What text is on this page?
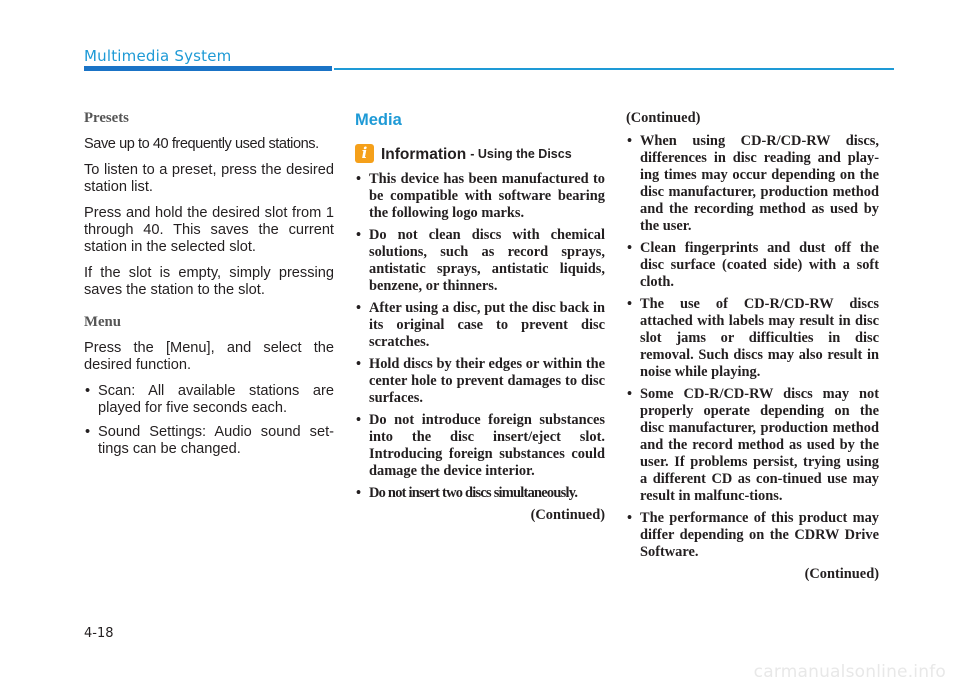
Multimedia System
Presets
Save up to 40 frequently used stations.
To listen to a preset, press the desired station list.
Press and hold the desired slot from 1 through 40. This saves the current station in the selected slot.
If the slot is empty, simply pressing saves the station to the slot.
Menu
Press the [Menu], and select the desired function.
• Scan: All available stations are played for five seconds each.
• Sound Settings: Audio sound set-tings can be changed.
Media
i Information - Using the Discs
• This device has been manufactured to be compatible with software bearing the following logo marks.
• Do not clean discs with chemical solutions, such as record sprays, antistatic sprays, antistatic liquids, benzene, or thinners.
• After using a disc, put the disc back in its original case to prevent disc scratches.
• Hold discs by their edges or within the center hole to prevent damages to disc surfaces.
• Do not introduce foreign substances into the disc insert/eject slot. Introducing foreign substances could damage the device interior.
• Do not insert two discs simultaneously.
(Continued)
(Continued)
• When using CD-R/CD-RW discs, differences in disc reading and play-ing times may occur depending on the disc manufacturer, production method and the recording method as used by the user.
• Clean fingerprints and dust off the disc surface (coated side) with a soft cloth.
• The use of CD-R/CD-RW discs attached with labels may result in disc slot jams or difficulties in disc removal. Such discs may also result in noise while playing.
• Some CD-R/CD-RW discs may not properly operate depending on the disc manufacturer, production method and the record method as used by the user. If problems persist, trying using a different CD as con-tinued use may result in malfunc-tions.
• The performance of this product may differ depending on the CDRW Drive Software.
(Continued)
4-18
carmanualsonline.info
